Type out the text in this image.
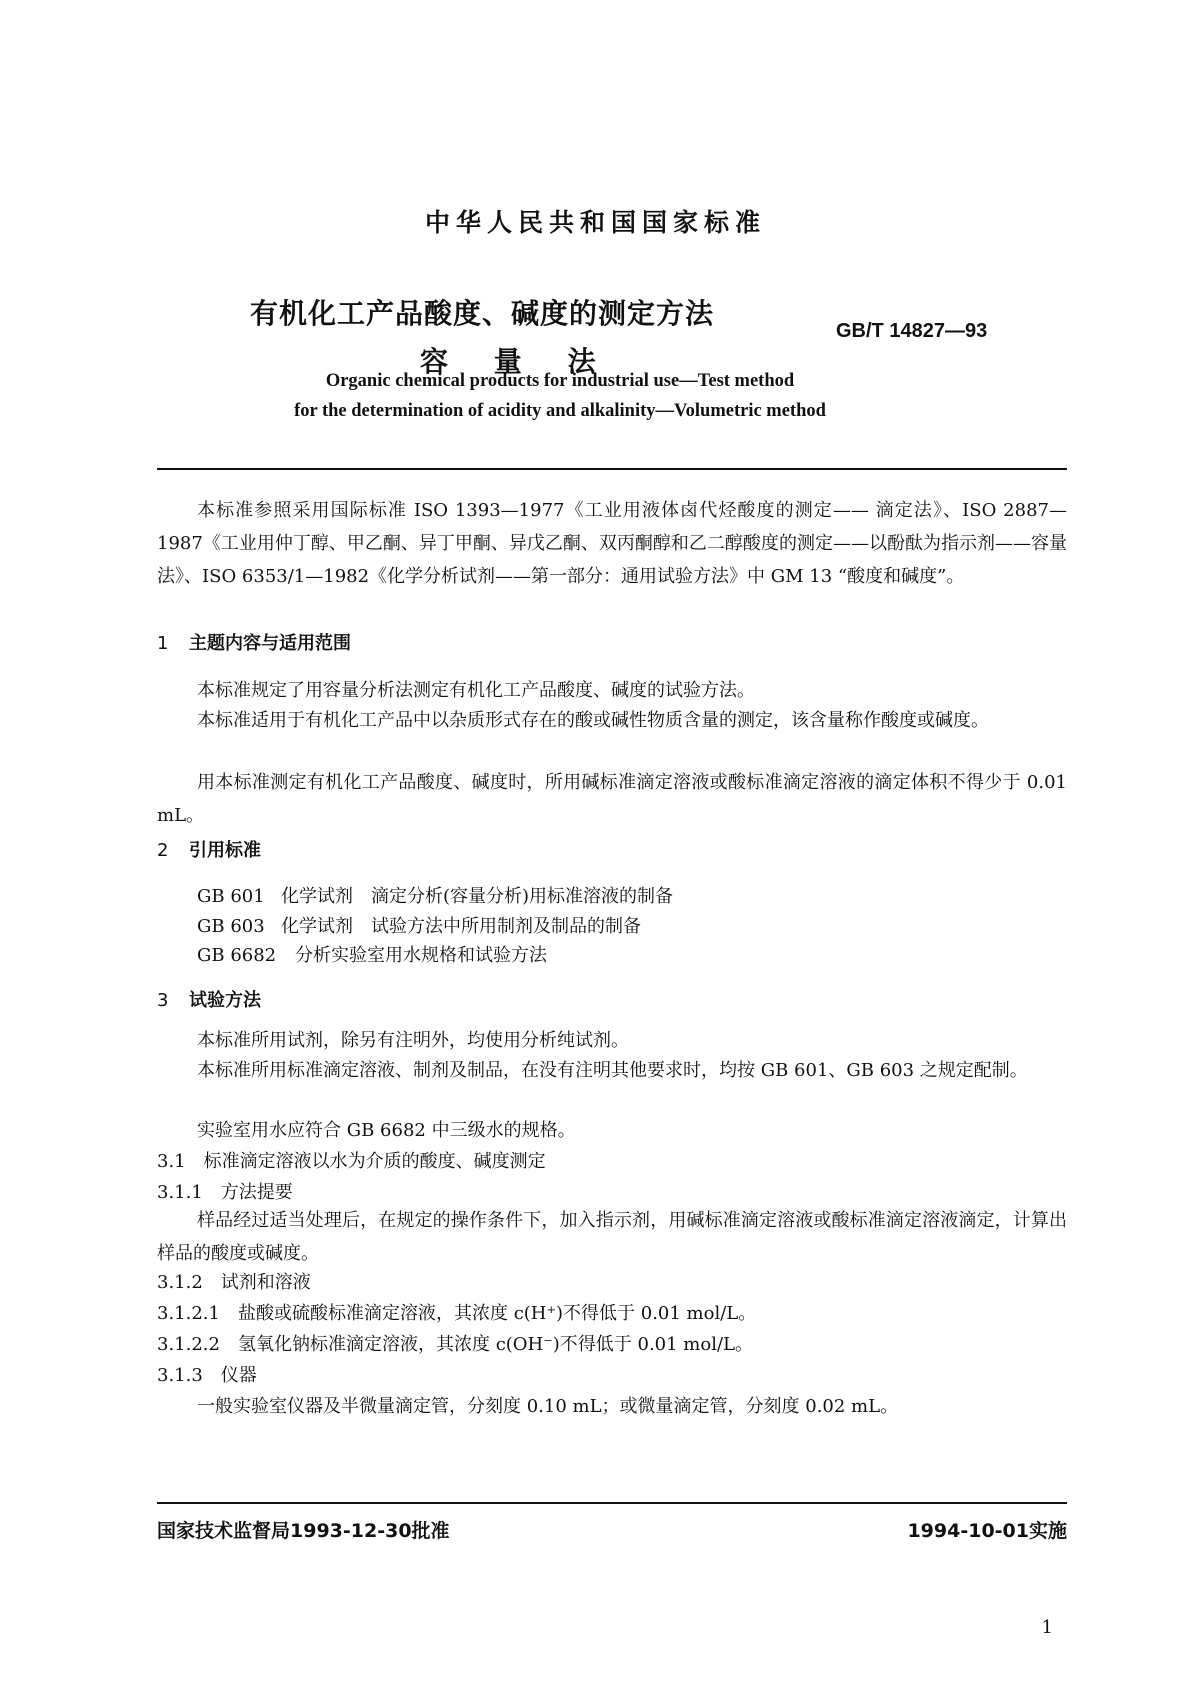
中华人民共和国国家标准
有机化工产品酸度、碱度的测定方法
容 量 法
GB/T 14827—93
Organic chemical products for industrial use—Test method
for the determination of acidity and alkalinity—Volumetric method
本标准参照采用国际标准 ISO 1393—1977《工业用液体卤代烃酸度的测定—— 滴定法》、ISO 2887—1987《工业用仲丁醇、甲乙酮、异丁甲酮、异戊乙酮、双丙酮醇和乙二醇酸度的测定——以酚酞为指示剂——容量法》、ISO 6353/1—1982《化学分析试剂——第一部分：通用试验方法》中 GM 13 “酸度和碱度”。
1 主题内容与适用范围
本标准规定了用容量分析法测定有机化工产品酸度、碱度的试验方法。
本标准适用于有机化工产品中以杂质形式存在的酸或碱性物质含量的测定，该含量称作酸度或碱度。
用本标准测定有机化工产品酸度、碱度时，所用碱标准滴定溶液或酸标准滴定溶液的滴定体积不得少于 0.01 mL。
2 引用标准
GB 601 化学试剂　滴定分析(容量分析)用标准溶液的制备
GB 603 化学试剂　试验方法中所用制剂及制品的制备
GB 6682 分析实验室用水规格和试验方法
3 试验方法
本标准所用试剂，除另有注明外，均使用分析纯试剂。
本标准所用标准滴定溶液、制剂及制品，在没有注明其他要求时，均按 GB 601、GB 603 之规定配制。
实验室用水应符合 GB 6682 中三级水的规格。
3.1　标准滴定溶液以水为介质的酸度、碱度测定
3.1.1　方法提要
样品经过适当处理后，在规定的操作条件下，加入指示剂，用碱标准滴定溶液或酸标准滴定溶液滴定，计算出样品的酸度或碱度。
3.1.2　试剂和溶液
3.1.2.1　盐酸或硫酸标准滴定溶液，其浓度 c(H⁺)不得低于 0.01 mol/L。
3.1.2.2　氢氧化钠标准滴定溶液，其浓度 c(OH⁻)不得低于 0.01 mol/L。
3.1.3　仪器
一般实验室仪器及半微量滴定管，分刻度 0.10 mL；或微量滴定管，分刻度 0.02 mL。
国家技术监督局1993-12-30批准	1994-10-01实施
1
